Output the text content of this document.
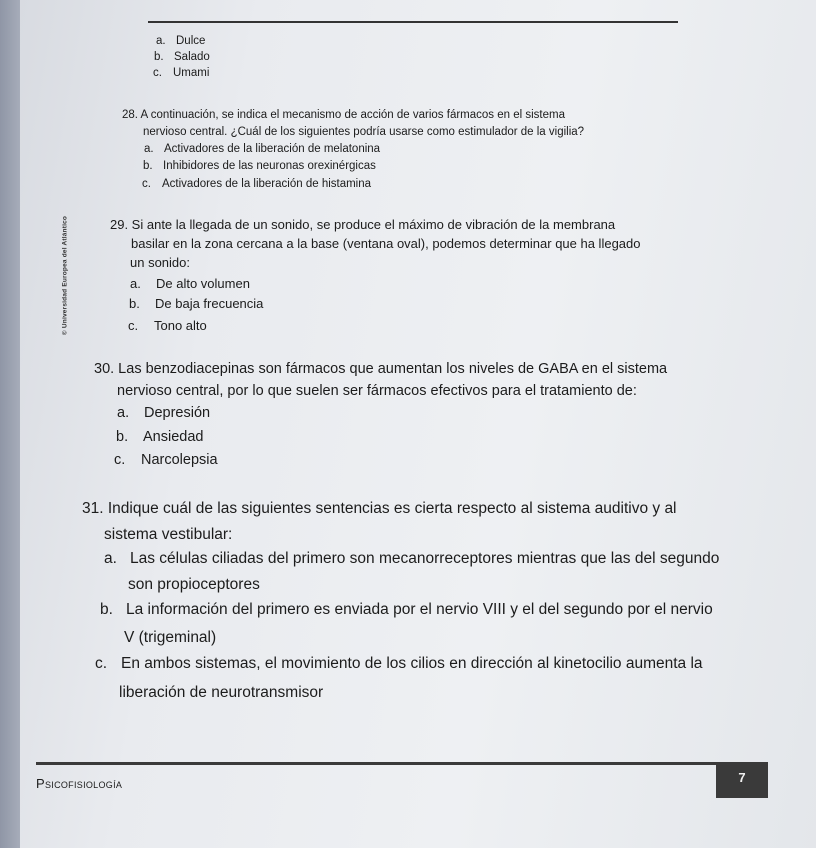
© Universidad Europea del Atlántico
a. Dulce
b. Salado
c. Umami
28. A continuación, se indica el mecanismo de acción de varios fármacos en el sistema
nervioso central. ¿Cuál de los siguientes podría usarse como estimulador de la vigilia?
a. Activadores de la liberación de melatonina
b. Inhibidores de las neuronas orexinérgicas
c. Activadores de la liberación de histamina
29. Si ante la llegada de un sonido, se produce el máximo de vibración de la membrana
basilar en la zona cercana a la base (ventana oval), podemos determinar que ha llegado
un sonido:
a. De alto volumen
b. De baja frecuencia
c. Tono alto
30. Las benzodiacepinas son fármacos que aumentan los niveles de GABA en el sistema
nervioso central, por lo que suelen ser fármacos efectivos para el tratamiento de:
a. Depresión
b. Ansiedad
c. Narcolepsia
31. Indique cuál de las siguientes sentencias es cierta respecto al sistema auditivo y al
sistema vestibular:
a. Las células ciliadas del primero son mecanorreceptores mientras que las del segundo
son propioceptores
b. La información del primero es enviada por el nervio VIII y el del segundo por el nervio
V (trigeminal)
c. En ambos sistemas, el movimiento de los cilios en dirección al kinetocilio aumenta la
liberación de neurotransmisor
Psicofisiología	7
